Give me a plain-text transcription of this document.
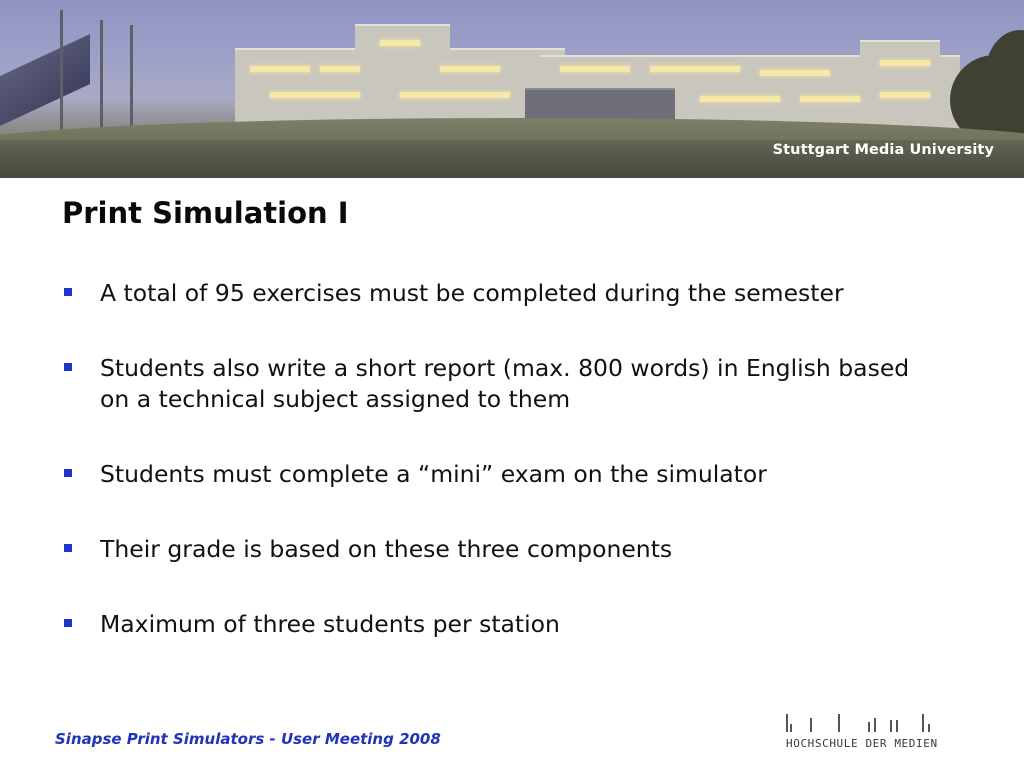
Stuttgart Media University
Print Simulation I
A total of 95 exercises must be completed during the semester
Students also write a short report (max. 800 words) in English based on a technical subject assigned to them
Students must complete a “mini” exam on the simulator
Their grade is based on these three components
Maximum of three students per station
Sinapse Print Simulators - User Meeting 2008	HOCHSCHULE DER MEDIEN
